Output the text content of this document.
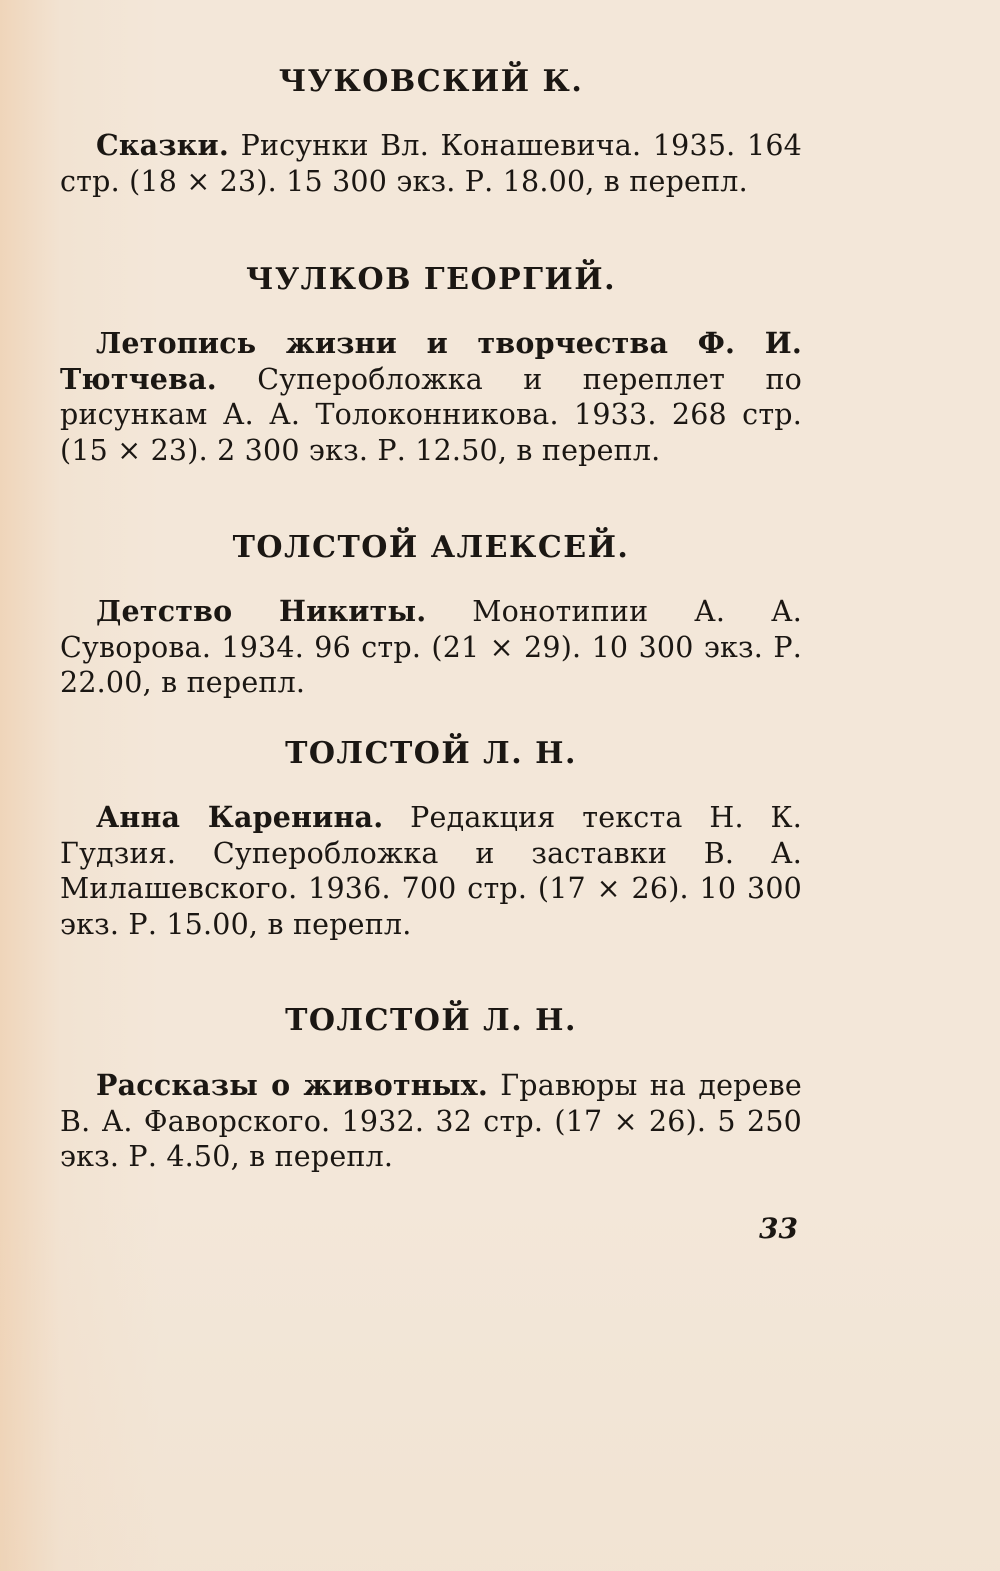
ЧУКОВСКИЙ К.

Сказки. Рисунки Вл. Конашевича. 1935. 164 стр. (18 × 23). 15 300 экз. Р. 18.00, в перепл.

ЧУЛКОВ ГЕОРГИЙ.

Летопись жизни и творчества Ф. И. Тютчева. Суперобложка и переплет по рисункам А. А. Толоконникова. 1933. 268 стр. (15 × 23). 2 300 экз. Р. 12.50, в перепл.

ТОЛСТОЙ АЛЕКСЕЙ.

Детство Никиты. Монотипии А. А. Суворова. 1934. 96 стр. (21 × 29). 10 300 экз. Р. 22.00, в перепл.

ТОЛСТОЙ Л. Н.

Анна Каренина. Редакция текста Н. К. Гудзия. Суперобложка и заставки В. А. Милашевского. 1936. 700 стр. (17 × 26). 10 300 экз. Р. 15.00, в перепл.

ТОЛСТОЙ Л. Н.

Рассказы о животных. Гравюры на дереве В. А. Фаворского. 1932. 32 стр. (17 × 26). 5 250 экз. Р. 4.50, в перепл.

33
